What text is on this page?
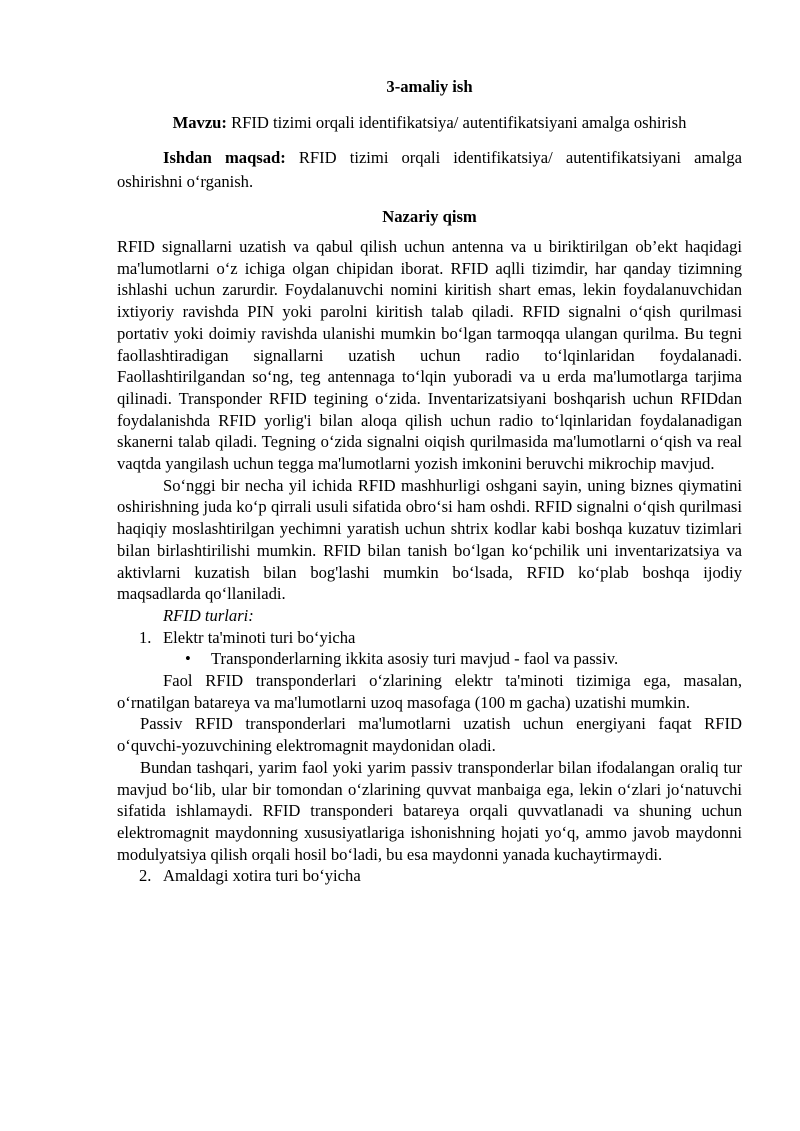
3-amaliy ish

Mavzu: RFID tizimi orqali identifikatsiya/ autentifikatsiyani amalga oshirish

Ishdan maqsad: RFID tizimi orqali identifikatsiya/ autentifikatsiyani amalga oshirishni o‘rganish.

Nazariy qism

RFID signallarni uzatish va qabul qilish uchun antenna va u biriktirilgan ob’ekt haqidagi ma'lumotlarni o‘z ichiga olgan chipidan iborat. RFID aqlli tizimdir, har qanday tizimning ishlashi uchun zarurdir. Foydalanuvchi nomini kiritish shart emas, lekin foydalanuvchidan ixtiyoriy ravishda PIN yoki parolni kiritish talab qiladi. RFID signalni o‘qish qurilmasi portativ yoki doimiy ravishda ulanishi mumkin bo‘lgan tarmoqqa ulangan qurilma. Bu tegni faollashtiradigan signallarni uzatish uchun radio to‘lqinlaridan foydalanadi. Faollashtirilgandan so‘ng, teg antennaga to‘lqin yuboradi va u erda ma'lumotlarga tarjima qilinadi. Transponder RFID tegining o‘zida. Inventarizatsiyani boshqarish uchun RFIDdan foydalanishda RFID yorlig'i bilan aloqa qilish uchun radio to‘lqinlaridan foydalanadigan skanerni talab qiladi. Tegning o‘zida signalni oiqish qurilmasida ma'lumotlarni o‘qish va real vaqtda yangilash uchun tegga ma'lumotlarni yozish imkonini beruvchi mikrochip mavjud.

So‘nggi bir necha yil ichida RFID mashhurligi oshgani sayin, uning biznes qiymatini oshirishning juda ko‘p qirrali usuli sifatida obro‘si ham oshdi. RFID signalni o‘qish qurilmasi haqiqiy moslashtirilgan yechimni yaratish uchun shtrix kodlar kabi boshqa kuzatuv tizimlari bilan birlashtirilishi mumkin. RFID bilan tanish bo‘lgan ko‘pchilik uni inventarizatsiya va aktivlarni kuzatish bilan bog'lashi mumkin bo‘lsada, RFID ko‘plab boshqa ijodiy maqsadlarda qo‘llaniladi.

RFID turlari:

1. Elektr ta'minoti turi bo‘yicha
•	Transponderlarning ikkita asosiy turi mavjud - faol va passiv.

Faol RFID transponderlari o‘zlarining elektr ta'minoti tizimiga ega, masalan, o‘rnatilgan batareya va ma'lumotlarni uzoq masofaga (100 m gacha) uzatishi mumkin.

Passiv RFID transponderlari ma'lumotlarni uzatish uchun energiyani faqat RFID o‘quvchi-yozuvchining elektromagnit maydonidan oladi.

Bundan tashqari, yarim faol yoki yarim passiv transponderlar bilan ifodalangan oraliq tur mavjud bo‘lib, ular bir tomondan o‘zlarining quvvat manbaiga ega, lekin o‘zlari jo‘natuvchi sifatida ishlamaydi. RFID transponderi batareya orqali quvvatlanadi va shuning uchun elektromagnit maydonning xususiyatlariga ishonishning hojati yo‘q, ammo javob maydonni modulyatsiya qilish orqali hosil bo‘ladi, bu esa maydonni yanada kuchaytirmaydi.

2. Amaldagi xotira turi bo‘yicha
